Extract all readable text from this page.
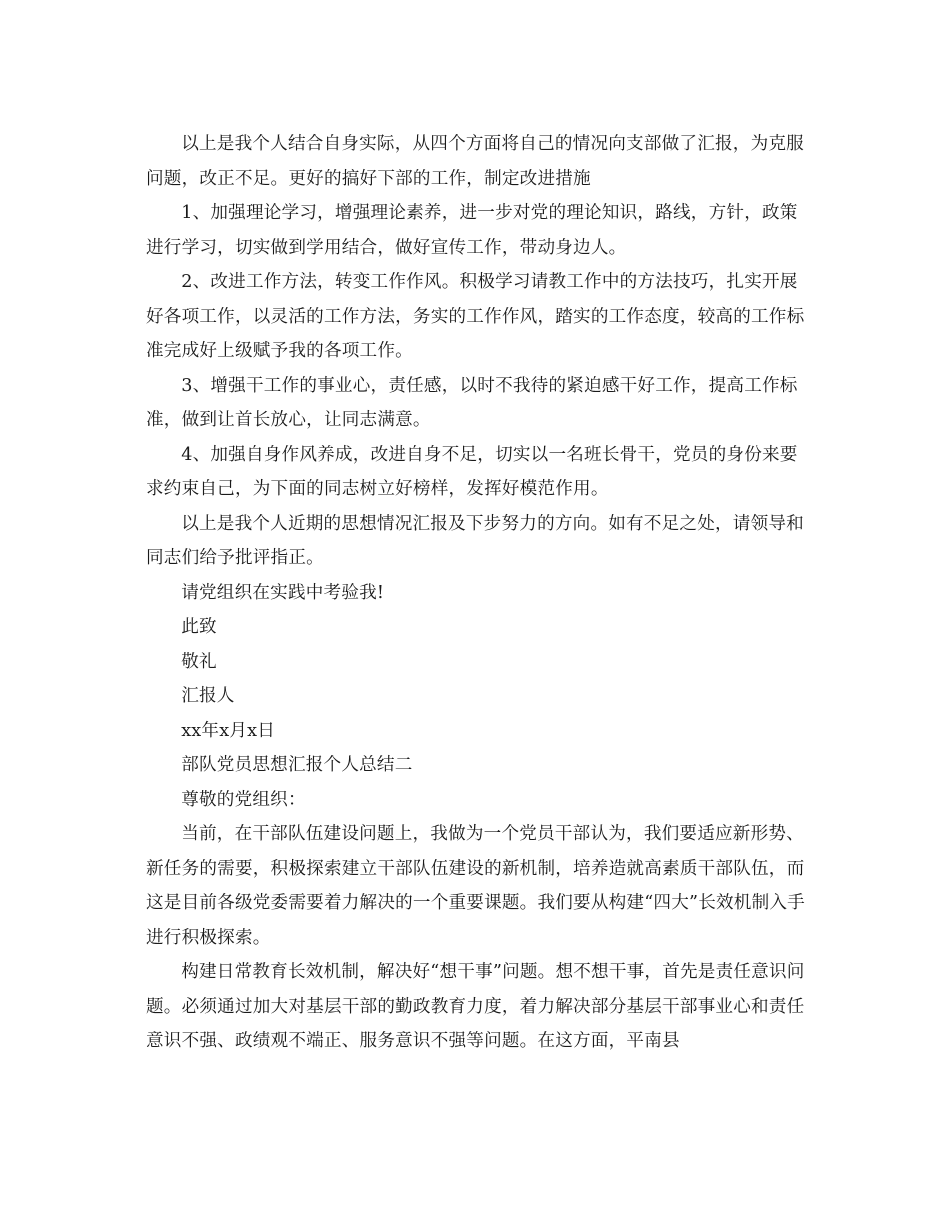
以上是我个人结合自身实际，从四个方面将自己的情况向支部做了汇报，为克服问题，改正不足。更好的搞好下部的工作，制定改进措施

1、加强理论学习，增强理论素养，进一步对党的理论知识，路线，方针，政策进行学习，切实做到学用结合，做好宣传工作，带动身边人。

2、改进工作方法，转变工作作风。积极学习请教工作中的方法技巧，扎实开展好各项工作，以灵活的工作方法，务实的工作作风，踏实的工作态度，较高的工作标准完成好上级赋予我的各项工作。

3、增强干工作的事业心，责任感，以时不我待的紧迫感干好工作，提高工作标准，做到让首长放心，让同志满意。

4、加强自身作风养成，改进自身不足，切实以一名班长骨干，党员的身份来要求约束自己，为下面的同志树立好榜样，发挥好模范作用。

以上是我个人近期的思想情况汇报及下步努力的方向。如有不足之处，请领导和同志们给予批评指正。

请党组织在实践中考验我!

此致

敬礼

汇报人

xx年x月x日

部队党员思想汇报个人总结二

尊敬的党组织：

当前，在干部队伍建设问题上，我做为一个党员干部认为，我们要适应新形势、新任务的需要，积极探索建立干部队伍建设的新机制，培养造就高素质干部队伍，而这是目前各级党委需要着力解决的一个重要课题。我们要从构建“四大”长效机制入手进行积极探索。

构建日常教育长效机制，解决好“想干事”问题。想不想干事，首先是责任意识问题。必须通过加大对基层干部的勤政教育力度，着力解决部分基层干部事业心和责任意识不强、政绩观不端正、服务意识不强等问题。在这方面，平南县
